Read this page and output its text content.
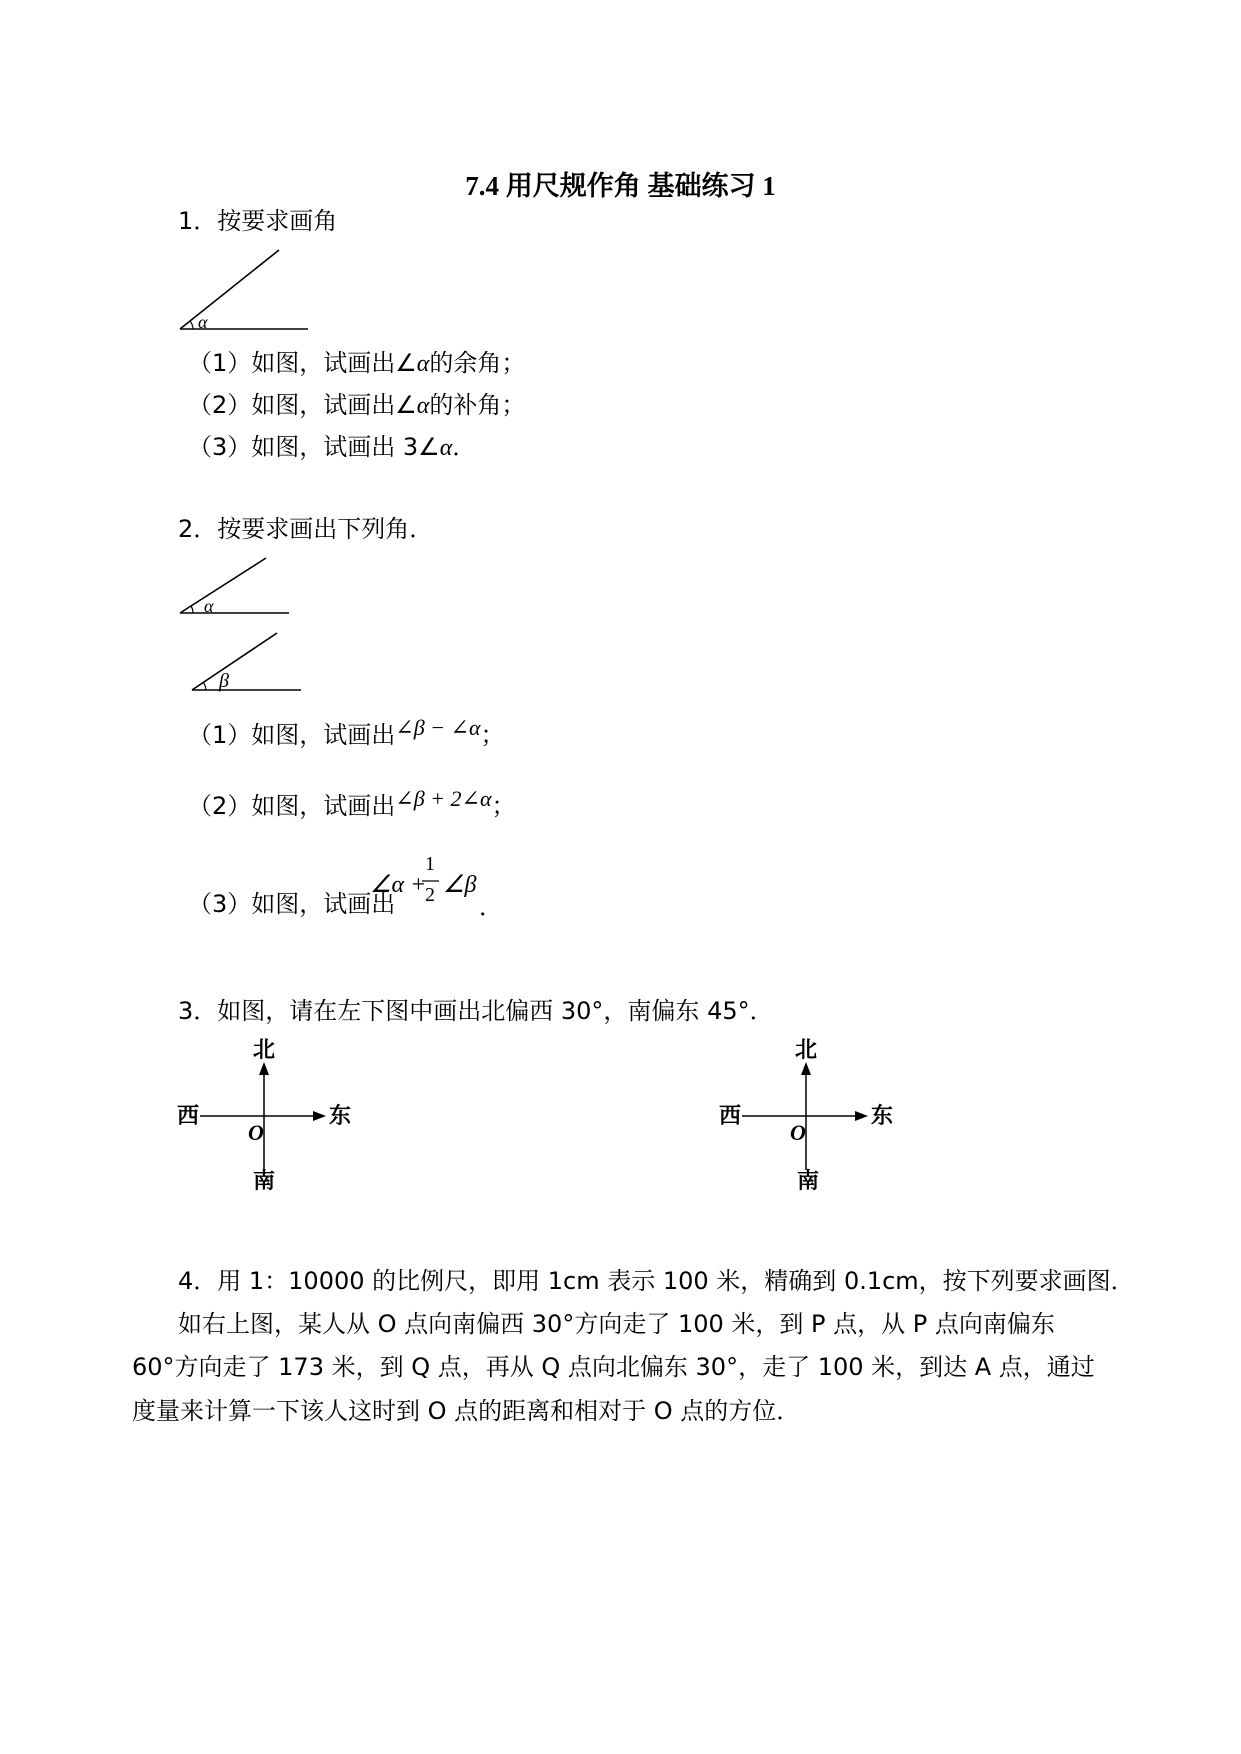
7.4 用尺规作角 基础练习 1
1．按要求画角
α
（1）如图，试画出∠α的余角；
（2）如图，试画出∠α的补角；
（3）如图，试画出 3∠α．
2．按要求画出下列角．
α
β
（1）如图，试画出∠β − ∠α；
（2）如图，试画出∠β + 2∠α；
（3）如图，试画出
∠α +
1
2 ∠β
．
3．如图，请在左下图中画出北偏西 30°，南偏东 45°．
北
西	东
南
O
北
西	东
南
O
4．用 1：10000 的比例尺，即用 1cm 表示 100 米，精确到 0.1cm，按下列要求画图．
如右上图，某人从 O 点向南偏西 30°方向走了 100 米，到 P 点，从 P 点向南偏东
60°方向走了 173 米，到 Q 点，再从 Q 点向北偏东 30°，走了 100 米，到达 A 点，通过
度量来计算一下该人这时到 O 点的距离和相对于 O 点的方位．
